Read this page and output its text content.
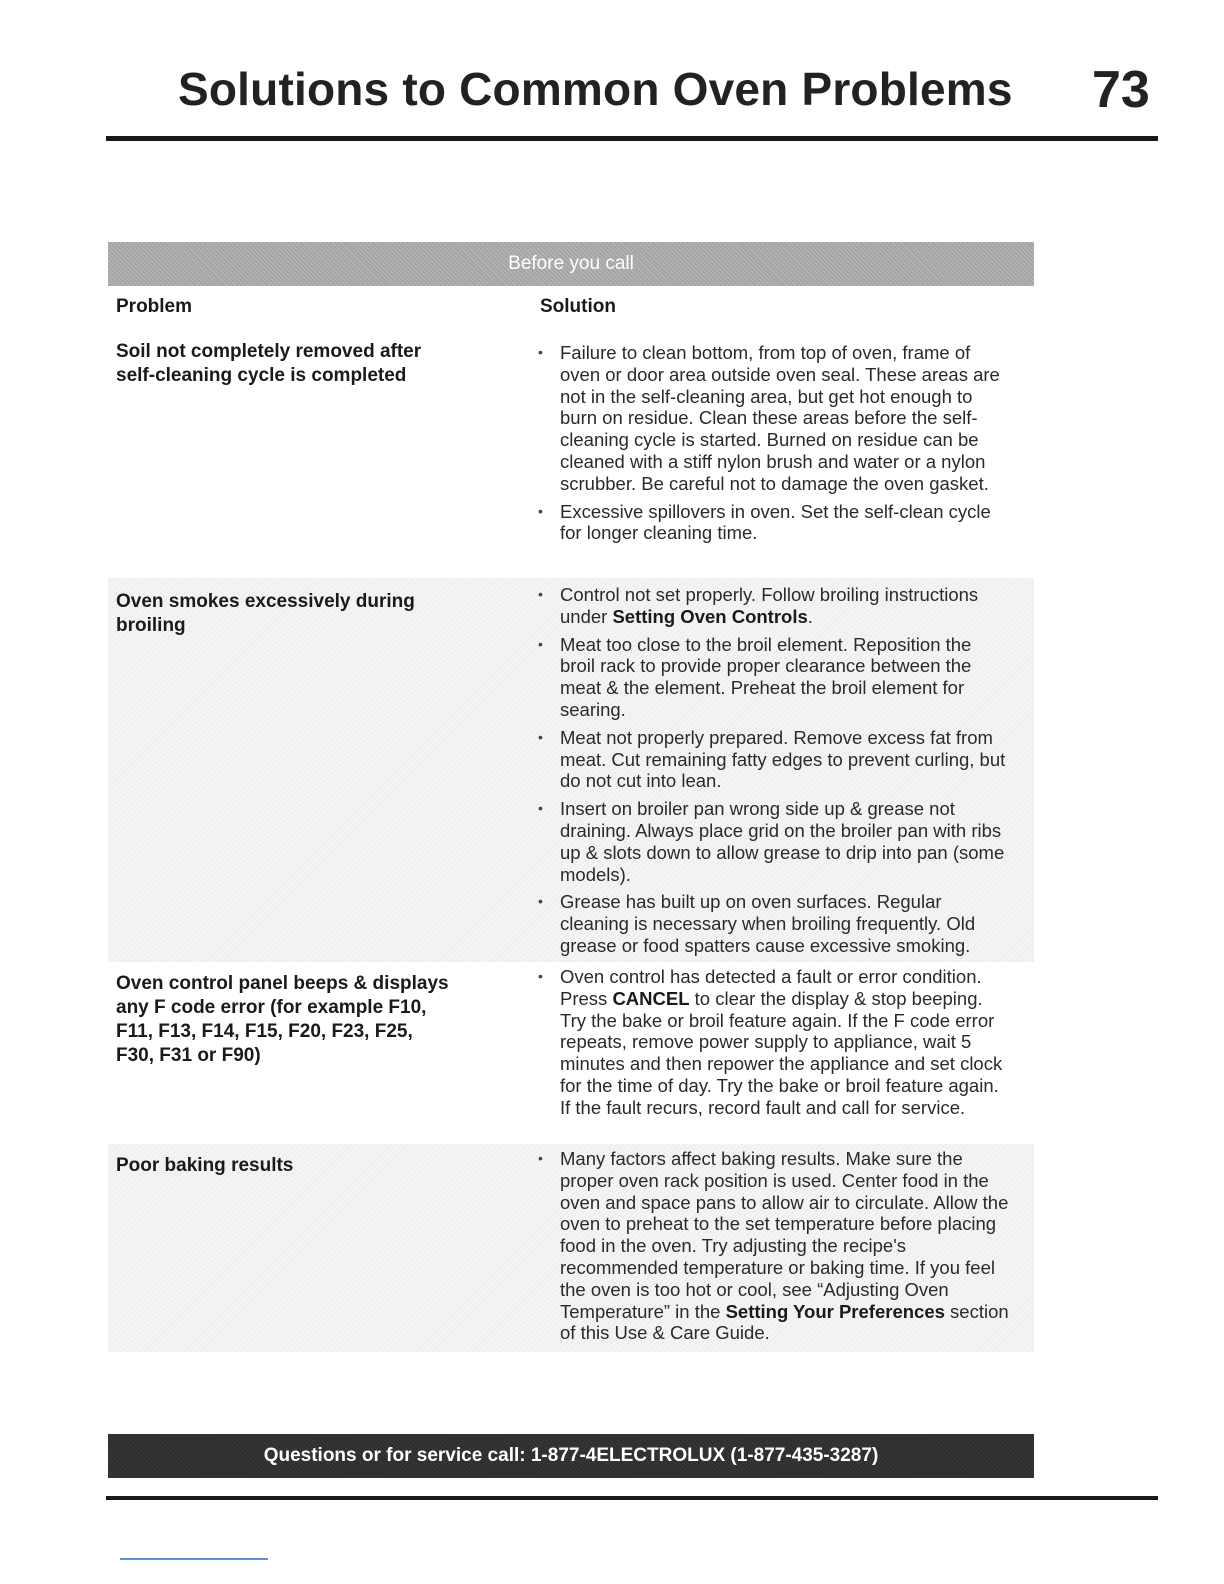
Solutions to Common Oven Problems 73
Before you call
Problem	Solution
Soil not completely removed after self-cleaning cycle is completed
• Failure to clean bottom, from top of oven, frame of oven or door area outside oven seal. These areas are not in the self-cleaning area, but get hot enough to burn on residue. Clean these areas before the self-cleaning cycle is started. Burned on residue can be cleaned with a stiff nylon brush and water or a nylon scrubber. Be careful not to damage the oven gasket.
• Excessive spillovers in oven. Set the self-clean cycle for longer cleaning time.
Oven smokes excessively during broiling
• Control not set properly. Follow broiling instructions under Setting Oven Controls.
• Meat too close to the broil element. Reposition the broil rack to provide proper clearance between the meat & the element. Preheat the broil element for searing.
• Meat not properly prepared. Remove excess fat from meat. Cut remaining fatty edges to prevent curling, but do not cut into lean.
• Insert on broiler pan wrong side up & grease not draining. Always place grid on the broiler pan with ribs up & slots down to allow grease to drip into pan (some models).
• Grease has built up on oven surfaces. Regular cleaning is necessary when broiling frequently. Old grease or food spatters cause excessive smoking.
Oven control panel beeps & displays any F code error (for example F10, F11, F13, F14, F15, F20, F23, F25, F30, F31 or F90)
• Oven control has detected a fault or error condition. Press CANCEL to clear the display & stop beeping. Try the bake or broil feature again. If the F code error repeats, remove power supply to appliance, wait 5 minutes and then repower the appliance and set clock for the time of day. Try the bake or broil feature again. If the fault recurs, record fault and call for service.
Poor baking results
•	Many factors affect baking results. Make sure the proper oven rack position is used. Center food in the oven and space pans to allow air to circulate. Allow the oven to preheat to the set temperature before placing food in the oven. Try adjusting the recipe's recommended temperature or baking time. If you feel the oven is too hot or cool, see “Adjusting Oven Temperature” in the Setting Your Preferences section of this Use & Care Guide.
Questions or for service call: 1-877-4ELECTROLUX (1-877-435-3287)
